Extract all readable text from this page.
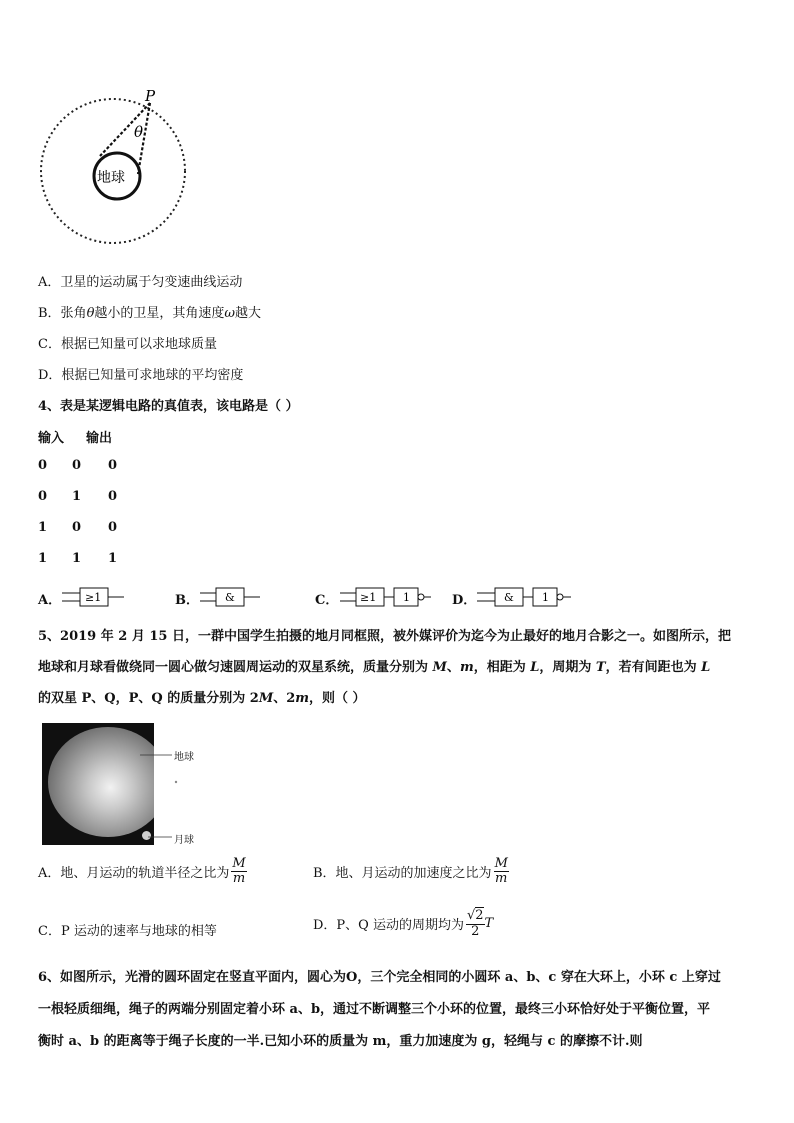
P
θ
地球
A．卫星的运动属于匀变速曲线运动
B．张角θ越小的卫星，其角速度ω越大
C．根据已知量可以求地球质量
D．根据已知量可求地球的平均密度
4、表是某逻辑电路的真值表，该电路是（ ）
输入 输出
0 0 0
0 1 0
1 0 0
1 1 1
A． ≥1	B． &	C． ≥1 1	D．	&	1
5、2019 年 2 月 15 日，一群中国学生拍摄的地月同框照，被外媒评价为迄今为止最好的地月合影之一。如图所示，把
地球和月球看做绕同一圆心做匀速圆周运动的双星系统，质量分别为 M、m，相距为 L，周期为 T，若有间距也为 L
的双星 P、Q，P、Q 的质量分别为 2M、2m，则（ ）
地球
月球
A．地、月运动的轨道半径之比为 $\frac{M}{m}$	B．地、月运动的加速度之比为 $\frac{M}{m}$
C．P 运动的速率与地球的相等	D．P、Q 运动的周期均为 $\frac{√2}{2}$ T
6、如图所示，光滑的圆环固定在竖直平面内，圆心为O，三个完全相同的小圆环 a、b、c 穿在大环上，小环 c 上穿过
一根轻质细绳，绳子的两端分别固定着小环 a、b，通过不断调整三个小环的位置，最终三小环恰好处于平衡位置，平
衡时 a、b 的距离等于绳子长度的一半.已知小环的质量为 m，重力加速度为 g，轻绳与 c 的摩擦不计.则
